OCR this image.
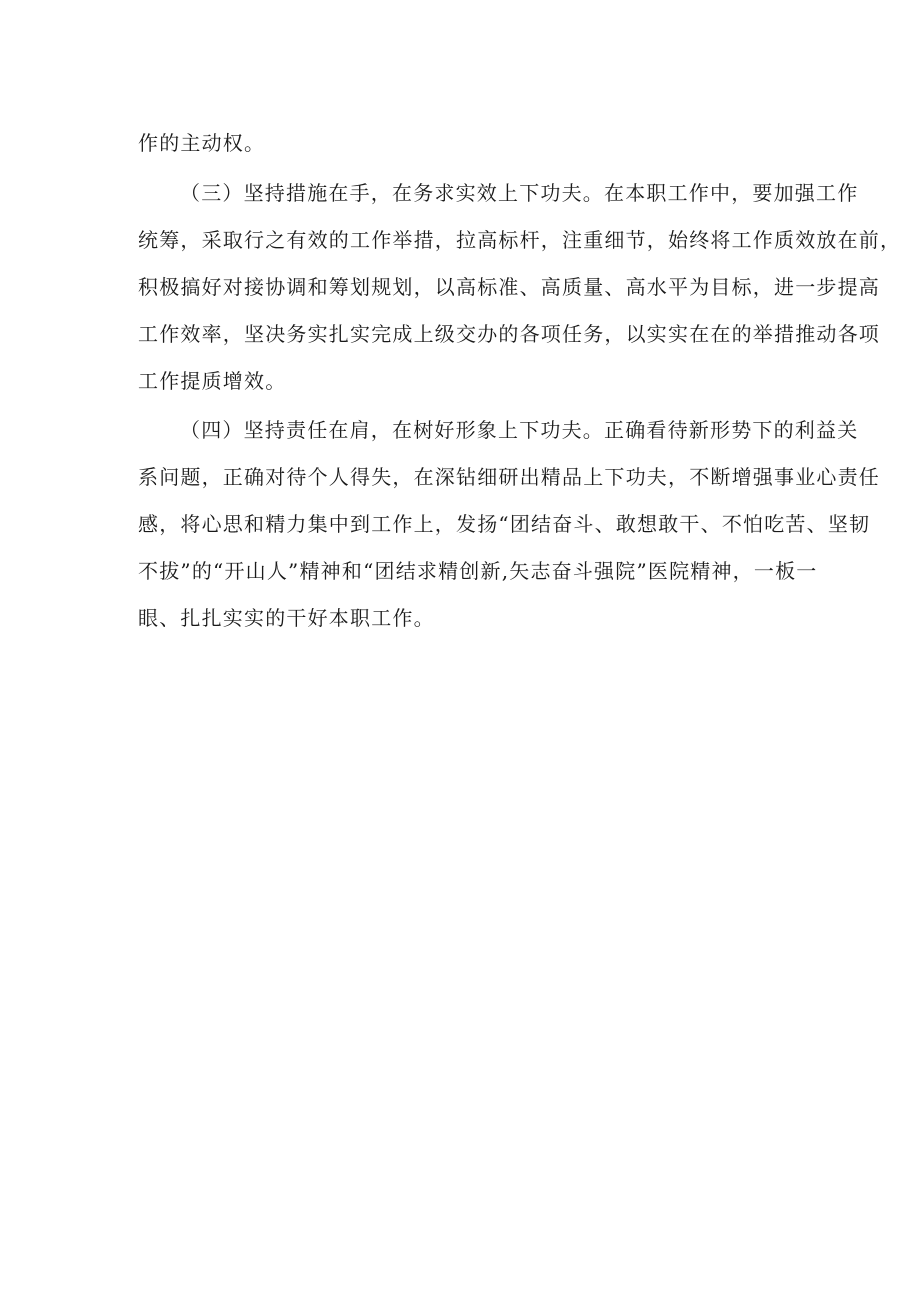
作的主动权。
（三）坚持措施在手，在务求实效上下功夫。在本职工作中，要加强工作
统筹，采取行之有效的工作举措，拉高标杆，注重细节，始终将工作质效放在前，
积极搞好对接协调和筹划规划，以高标准、高质量、高水平为目标，进一步提高
工作效率，坚决务实扎实完成上级交办的各项任务，以实实在在的举措推动各项
工作提质增效。
（四）坚持责任在肩，在树好形象上下功夫。正确看待新形势下的利益关
系问题，正确对待个人得失，在深钻细研出精品上下功夫，不断增强事业心责任
感，将心思和精力集中到工作上，发扬“团结奋斗、敢想敢干、不怕吃苦、坚韧
不拔”的“开山人”精神和“团结求精创新,矢志奋斗强院”医院精神，一板一
眼、扎扎实实的干好本职工作。
